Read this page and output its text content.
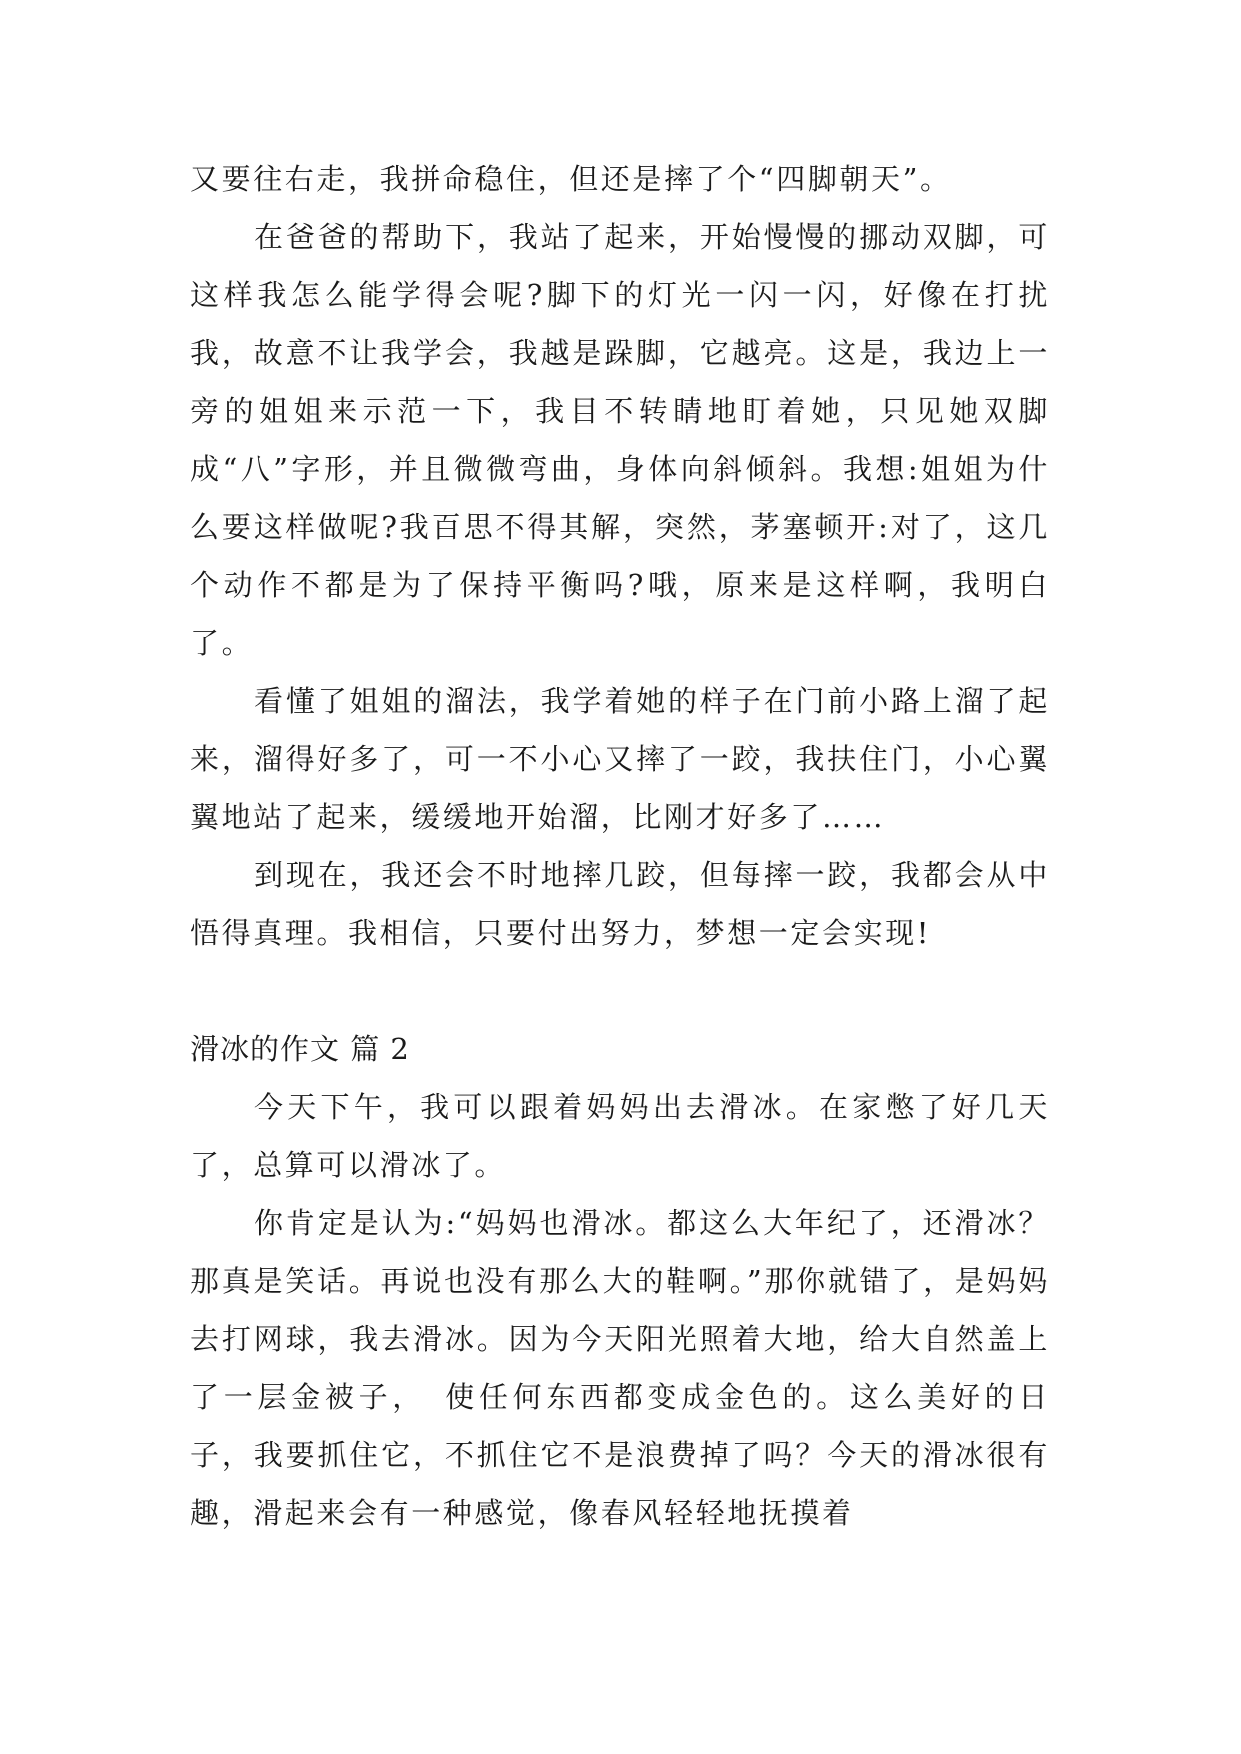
又要往右走，我拼命稳住，但还是摔了个“四脚朝天”。

在爸爸的帮助下，我站了起来，开始慢慢的挪动双脚，可这样我怎么能学得会呢?脚下的灯光一闪一闪，好像在打扰我，故意不让我学会，我越是跺脚，它越亮。这是，我边上一旁的姐姐来示范一下，我目不转睛地盯着她，只见她双脚成“八”字形，并且微微弯曲，身体向斜倾斜。我想:姐姐为什么要这样做呢?我百思不得其解，突然，茅塞顿开:对了，这几个动作不都是为了保持平衡吗?哦，原来是这样啊，我明白了。

看懂了姐姐的溜法，我学着她的样子在门前小路上溜了起来，溜得好多了，可一不小心又摔了一跤，我扶住门，小心翼翼地站了起来，缓缓地开始溜，比刚才好多了……

到现在，我还会不时地摔几跤，但每摔一跤，我都会从中悟得真理。我相信，只要付出努力，梦想一定会实现!

滑冰的作文 篇 2

今天下午，我可以跟着妈妈出去滑冰。在家憋了好几天了，总算可以滑冰了。

你肯定是认为:“妈妈也滑冰。都这么大年纪了，还滑冰？那真是笑话。再说也没有那么大的鞋啊。”那你就错了，是妈妈去打网球，我去滑冰。因为今天阳光照着大地，给大自然盖上了一层金被子，　使任何东西都变成金色的。这么美好的日子，我要抓住它，不抓住它不是浪费掉了吗？今天的滑冰很有趣，滑起来会有一种感觉，像春风轻轻地抚摸着
